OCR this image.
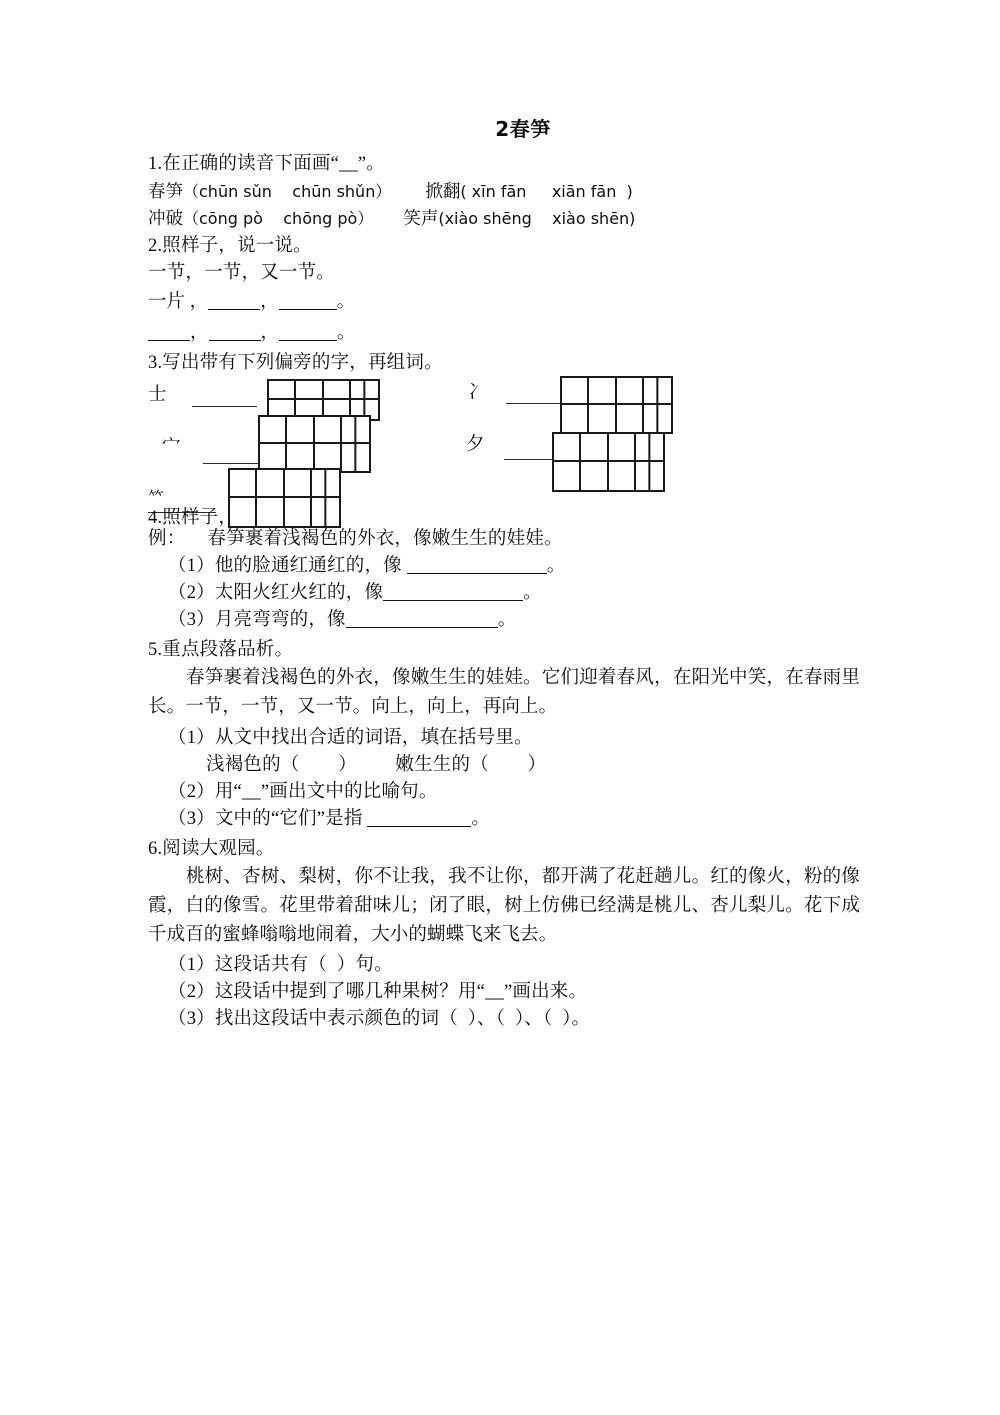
2春笋
1.在正确的读音下面画“__”。
春笋（chūn sǔn    chūn shǔn） 掀翻( xīn fān     xiān fān  )
冲破（cōng pò    chōng pò） 笑声(xiào shēng    xiào shēn)
2.照样子，说一说。
一节，一节，又一节。
一片 ，	，	。
，	，	。
3.写出带有下列偏旁的字，再组词。
士
宀
𥫗
冫
夕
4.照样子，
例： 春笋裹着浅褐色的外衣，像嫩生生的娃娃。
（1）他的脸通红通红的，像	。
（2）太阳火红火红的，像	。
（3）月亮弯弯的，像	。
5.重点段落品析。
春笋裹着浅褐色的外衣，像嫩生生的娃娃。它们迎着春风，在阳光中笑，在春雨里长。一节，一节，又一节。向上，向上，再向上。
（1）从文中找出合适的词语，填在括号里。
浅褐色的（        ）        嫩生生的（        ）
（2）用“__”画出文中的比喻句。
（3）文中的“它们”是指	。
6.阅读大观园。
桃树、杏树、梨树，你不让我，我不让你，都开满了花赶趟儿。红的像火，粉的像霞，白的像雪。花里带着甜味儿；闭了眼，树上仿佛已经满是桃儿、杏儿梨儿。花下成千成百的蜜蜂嗡嗡地闹着，大小的蝴蝶飞来飞去。
（1）这段话共有（  ）句。
（2）这段话中提到了哪几种果树？用“__”画出来。
（3）找出这段话中表示颜色的词（  ）、（  ）、（  ）。
